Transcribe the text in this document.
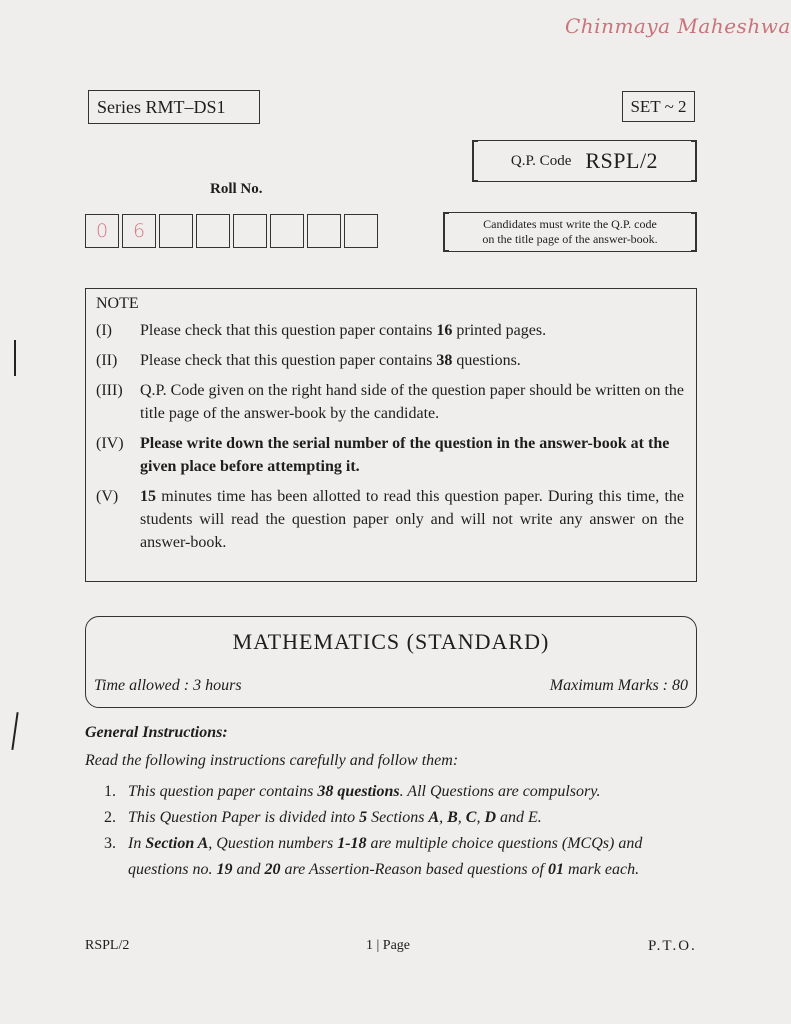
Chinmaya Maheshwa
Series RMT–DS1	SET ~ 2
Q.P. Code RSPL/2
Roll No.
0	6	Candidates must write the Q.P. code
on the title page of the answer-book.
NOTE
(I)	Please check that this question paper contains 16 printed pages.
(II)	Please check that this question paper contains 38 questions.
(III)	Q.P. Code given on the right hand side of the question paper should be written on the title page of the answer-book by the candidate.
(IV)	Please write down the serial number of the question in the answer-book at the given place before attempting it.
(V)	15 minutes time has been allotted to read this question paper. During this time, the students will read the question paper only and will not write any answer on the answer-book.
MATHEMATICS (STANDARD)
Time allowed : 3 hours	Maximum Marks : 80
General Instructions:
Read the following instructions carefully and follow them:
1. This question paper contains 38 questions. All Questions are compulsory.
2. This Question Paper is divided into 5 Sections A, B, C, D and E.
3. In Section A, Question numbers 1-18 are multiple choice questions (MCQs) and questions no. 19 and 20 are Assertion-Reason based questions of 01 mark each.
RSPL/2	1 | Page	P.T.O.
